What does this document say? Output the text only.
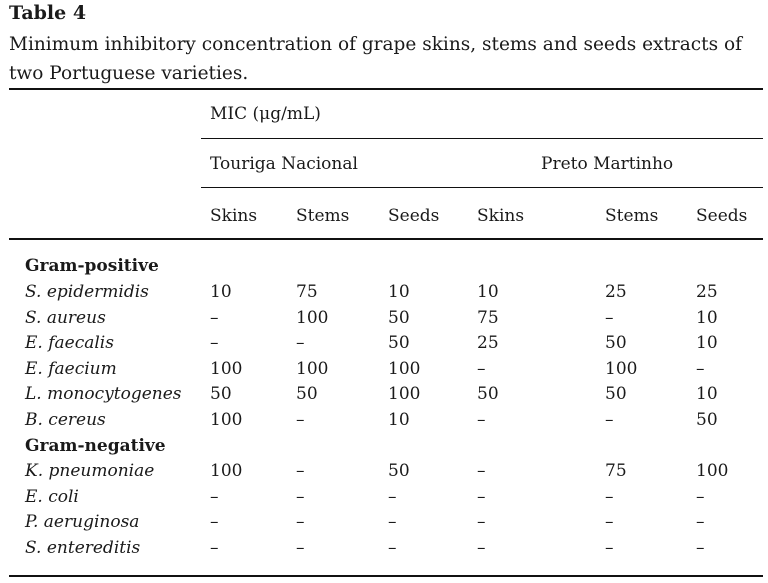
Table 4
Minimum inhibitory concentration of grape skins, stems and seeds extracts of two Portuguese varieties.
MIC (μg/mL)
Touriga Nacional	Preto Martinho
Skins Stems Seeds Skins	Stems Seeds
Gram-positive
S. epidermidis	10	75	10	10	25	25
S. aureus	–	100	50	75	–	10
E. faecalis	–	–	50	25	50	10
E. faecium	100	100	100	–	100	–
L. monocytogenes 50	50	100	50	50	10
B. cereus	100	–	10	–	–	50
Gram-negative
K. pneumoniae	100	–	50	–	75	100
E. coli	–	–	–	–	–	–
P. aeruginosa	–	–	–	–	–	–
S. entereditis	–	–	–	–	–	–
